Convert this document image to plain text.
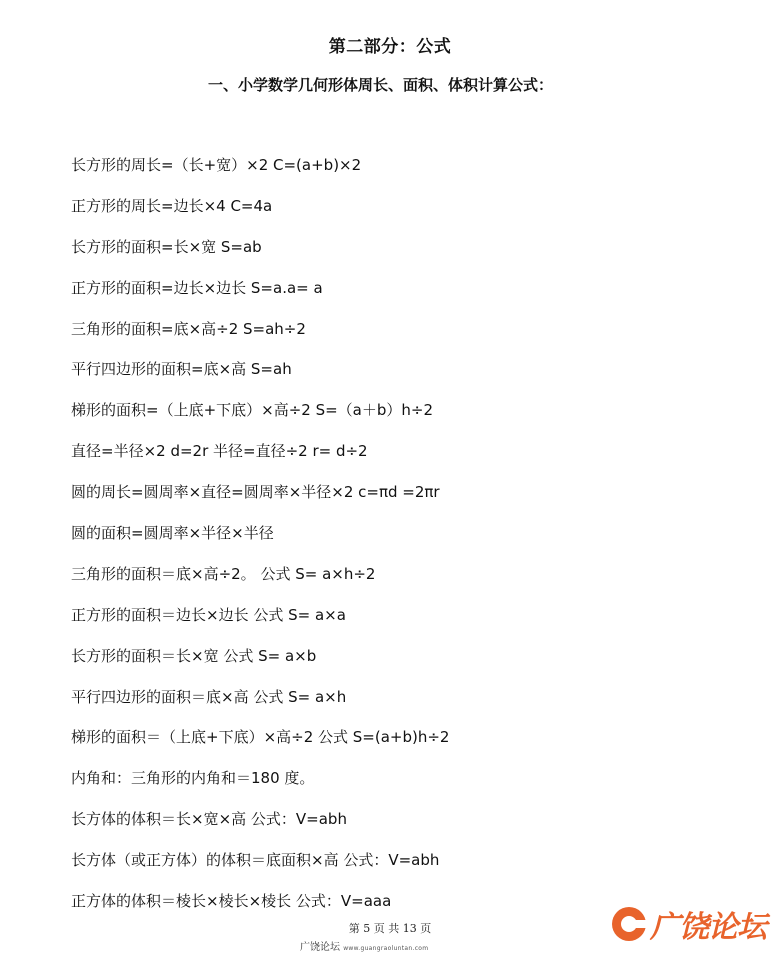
第二部分：公式
一、小学数学几何形体周长、面积、体积计算公式：
长方形的周长=（长+宽）×2 C=(a+b)×2
正方形的周长=边长×4 C=4a
长方形的面积=长×宽 S=ab
正方形的面积=边长×边长 S=a.a= a
三角形的面积=底×高÷2 S=ah÷2
平行四边形的面积=底×高 S=ah
梯形的面积=（上底+下底）×高÷2 S=（a＋b）h÷2
直径=半径×2 d=2r 半径=直径÷2 r= d÷2
圆的周长=圆周率×直径=圆周率×半径×2 c=πd =2πr
圆的面积=圆周率×半径×半径
三角形的面积＝底×高÷2。 公式 S= a×h÷2
正方形的面积＝边长×边长 公式 S= a×a
长方形的面积＝长×宽 公式 S= a×b
平行四边形的面积＝底×高 公式 S= a×h
梯形的面积＝（上底+下底）×高÷2 公式 S=(a+b)h÷2
内角和：三角形的内角和＝180 度。
长方体的体积＝长×宽×高 公式：V=abh
长方体（或正方体）的体积＝底面积×高 公式：V=abh
正方体的体积＝棱长×棱长×棱长 公式：V=aaa
第 5 页 共 13 页
广饶论坛 www.guangraoluntan.com
广饶论坛
